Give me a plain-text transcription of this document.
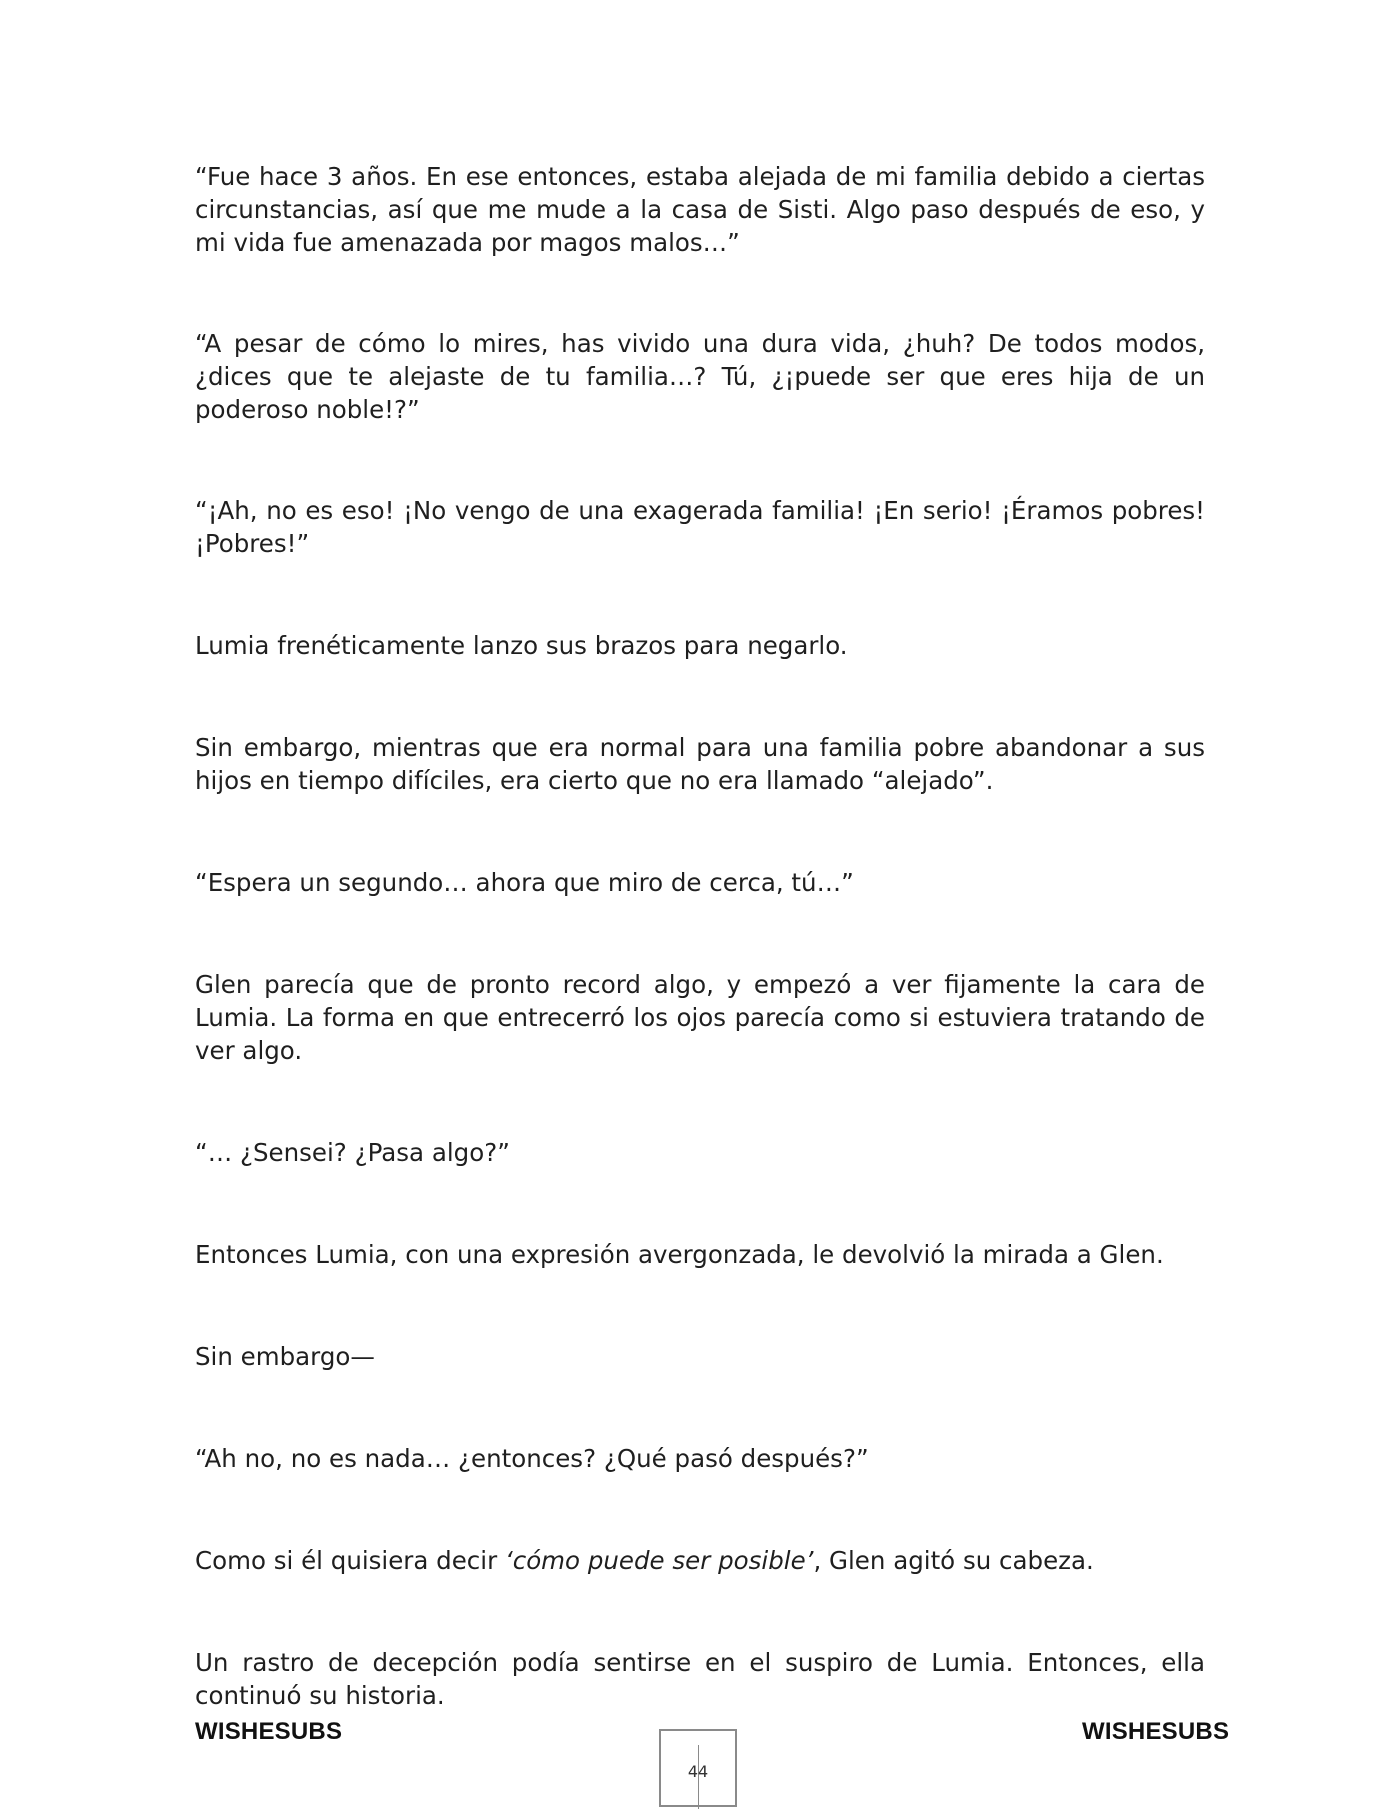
“Fue hace 3 años. En ese entonces, estaba alejada de mi familia debido a ciertas circunstancias, así que me mude a la casa de Sisti. Algo paso después de eso, y mi vida fue amenazada por magos malos…”

“A pesar de cómo lo mires, has vivido una dura vida, ¿huh? De todos modos, ¿dices que te alejaste de tu familia…? Tú, ¿¡puede ser que eres hija de un poderoso noble!?”

“¡Ah, no es eso! ¡No vengo de una exagerada familia! ¡En serio! ¡Éramos pobres! ¡Pobres!”

Lumia frenéticamente lanzo sus brazos para negarlo.

Sin embargo, mientras que era normal para una familia pobre abandonar a sus hijos en tiempo difíciles, era cierto que no era llamado “alejado”.

“Espera un segundo… ahora que miro de cerca, tú…”

Glen parecía que de pronto record algo, y empezó a ver fijamente la cara de Lumia. La forma en que entrecerró los ojos parecía como si estuviera tratando de ver algo.

“… ¿Sensei? ¿Pasa algo?”

Entonces Lumia, con una expresión avergonzada, le devolvió la mirada a Glen.

Sin embargo—

“Ah no, no es nada… ¿entonces? ¿Qué pasó después?”

Como si él quisiera decir ‘cómo puede ser posible’, Glen agitó su cabeza.

Un rastro de decepción podía sentirse en el suspiro de Lumia. Entonces, ella continuó su historia.

WISHESUBS	WISHESUBS
44
